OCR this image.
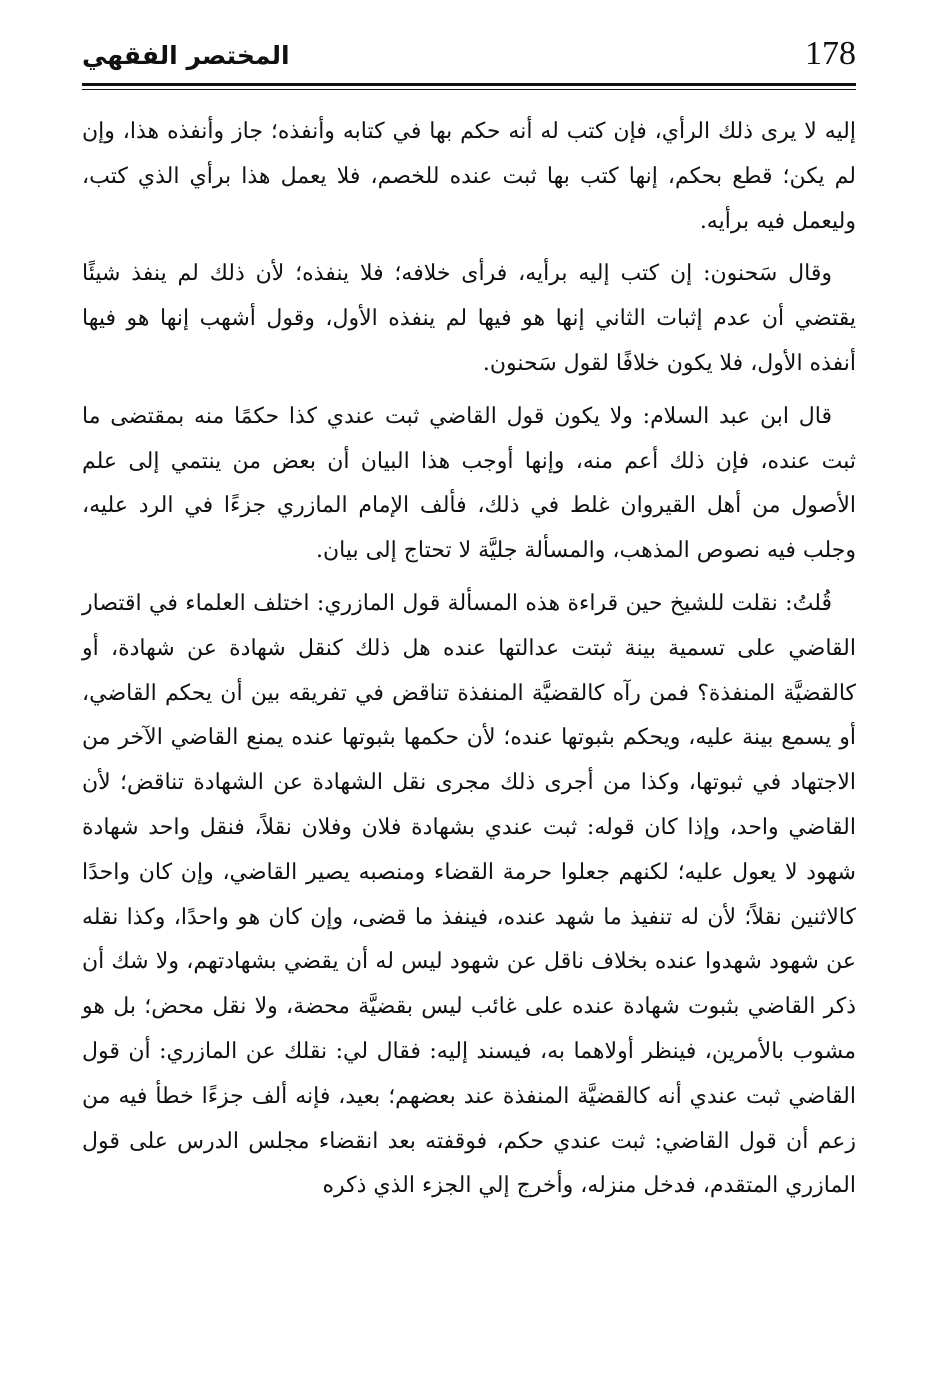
178
المختصر الفقهي

إليه لا يرى ذلك الرأي، فإن كتب له أنه حكم بها في كتابه وأنفذه؛ جاز وأنفذه هذا، وإن لم يكن؛ قطع بحكم، إنها كتب بها ثبت عنده للخصم، فلا يعمل هذا برأي الذي كتب، وليعمل فيه برأيه.

وقال سَحنون: إن كتب إليه برأيه، فرأى خلافه؛ فلا ينفذه؛ لأن ذلك لم ينفذ شيئًا يقتضي أن عدم إثبات الثاني إنها هو فيها لم ينفذه الأول، وقول أشهب إنها هو فيها أنفذه الأول، فلا يكون خلافًا لقول سَحنون.

قال ابن عبد السلام: ولا يكون قول القاضي ثبت عندي كذا حكمًا منه بمقتضى ما ثبت عنده، فإن ذلك أعم منه، وإنها أوجب هذا البيان أن بعض من ينتمي إلى علم الأصول من أهل القيروان غلط في ذلك، فألف الإمام المازري جزءًا في الرد عليه، وجلب فيه نصوص المذهب، والمسألة جليَّة لا تحتاج إلى بيان.

قُلتُ: نقلت للشيخ حين قراءة هذه المسألة قول المازري: اختلف العلماء في اقتصار القاضي على تسمية بينة ثبتت عدالتها عنده هل ذلك كنقل شهادة عن شهادة، أو كالقضيَّة المنفذة؟ فمن رآه كالقضيَّة المنفذة تناقض في تفريقه بين أن يحكم القاضي، أو يسمع بينة عليه، ويحكم بثبوتها عنده؛ لأن حكمها بثبوتها عنده يمنع القاضي الآخر من الاجتهاد في ثبوتها، وكذا من أجرى ذلك مجرى نقل الشهادة عن الشهادة تناقض؛ لأن القاضي واحد، وإذا كان قوله: ثبت عندي بشهادة فلان وفلان نقلاً، فنقل واحد شهادة شهود لا يعول عليه؛ لكنهم جعلوا حرمة القضاء ومنصبه يصير القاضي، وإن كان واحدًا كالاثنين نقلاً؛ لأن له تنفيذ ما شهد عنده، فينفذ ما قضى، وإن كان هو واحدًا، وكذا نقله عن شهود شهدوا عنده بخلاف ناقل عن شهود ليس له أن يقضي بشهادتهم، ولا شك أن ذكر القاضي بثبوت شهادة عنده على غائب ليس بقضيَّة محضة، ولا نقل محض؛ بل هو مشوب بالأمرين، فينظر أولاهما به، فيسند إليه: فقال لي: نقلك عن المازري: أن قول القاضي ثبت عندي أنه كالقضيَّة المنفذة عند بعضهم؛ بعيد، فإنه ألف جزءًا خطأ فيه من زعم أن قول القاضي: ثبت عندي حكم، فوقفته بعد انقضاء مجلس الدرس على قول المازري المتقدم، فدخل منزله، وأخرج إلي الجزء الذي ذكره
